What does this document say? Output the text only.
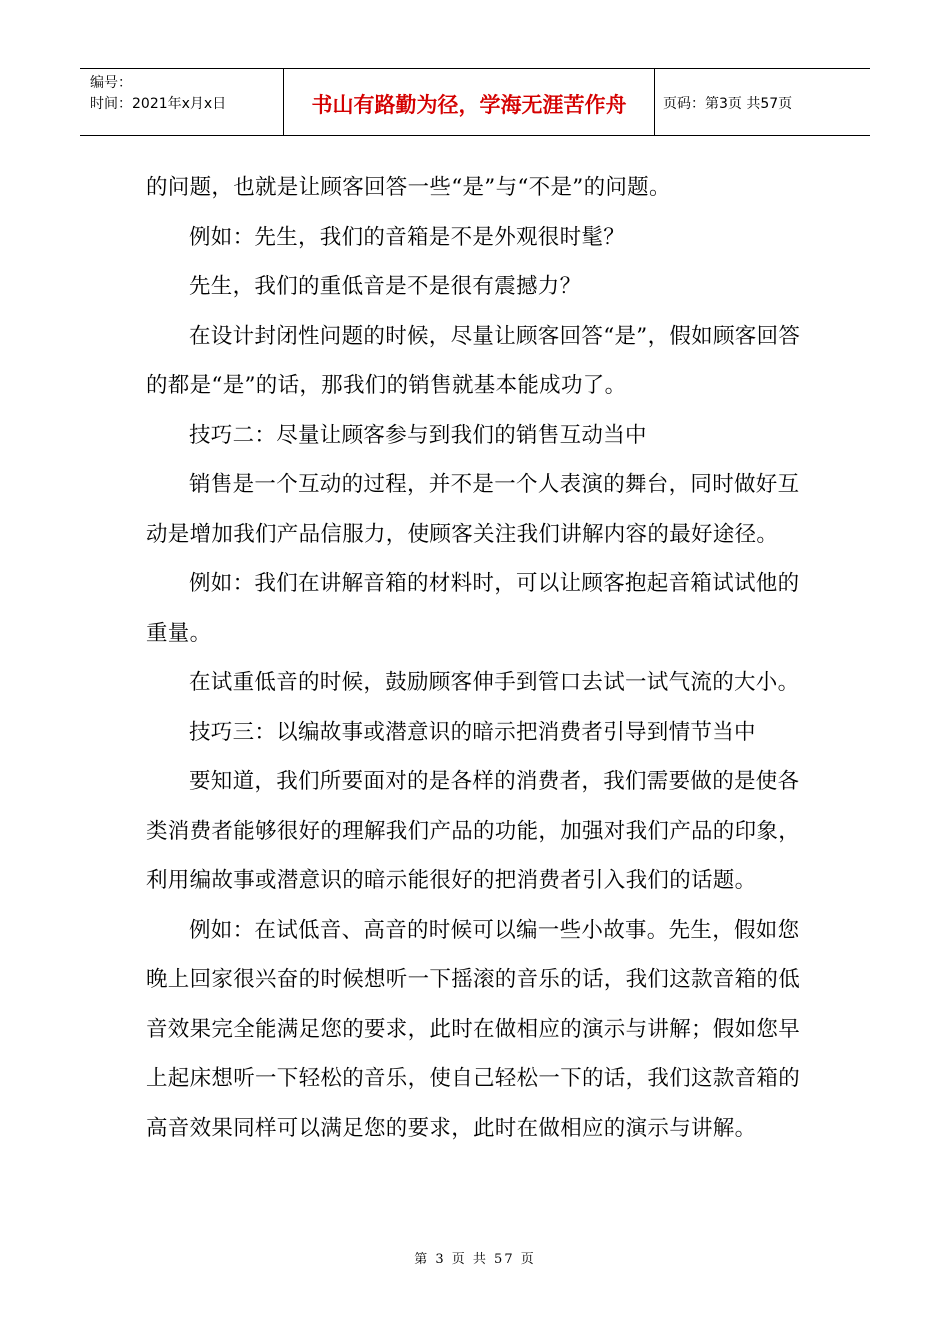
编号：
时间：2021年x月x日	书山有路勤为径，学海无涯苦作舟	页码：第3页 共57页

的问题，也就是让顾客回答一些“是”与“不是”的问题。

例如：先生，我们的音箱是不是外观很时髦？

先生，我们的重低音是不是很有震撼力？

在设计封闭性问题的时候，尽量让顾客回答“是”，假如顾客回答的都是“是”的话，那我们的销售就基本能成功了。

技巧二：尽量让顾客参与到我们的销售互动当中

销售是一个互动的过程，并不是一个人表演的舞台，同时做好互动是增加我们产品信服力，使顾客关注我们讲解内容的最好途径。

例如：我们在讲解音箱的材料时，可以让顾客抱起音箱试试他的重量。

在试重低音的时候，鼓励顾客伸手到管口去试一试气流的大小。

技巧三：以编故事或潜意识的暗示把消费者引导到情节当中

要知道，我们所要面对的是各样的消费者，我们需要做的是使各类消费者能够很好的理解我们产品的功能，加强对我们产品的印象，利用编故事或潜意识的暗示能很好的把消费者引入我们的话题。

例如：在试低音、高音的时候可以编一些小故事。先生，假如您晚上回家很兴奋的时候想听一下摇滚的音乐的话，我们这款音箱的低音效果完全能满足您的要求，此时在做相应的演示与讲解；假如您早上起床想听一下轻松的音乐，使自己轻松一下的话，我们这款音箱的高音效果同样可以满足您的要求，此时在做相应的演示与讲解。

第 3 页 共 57 页
